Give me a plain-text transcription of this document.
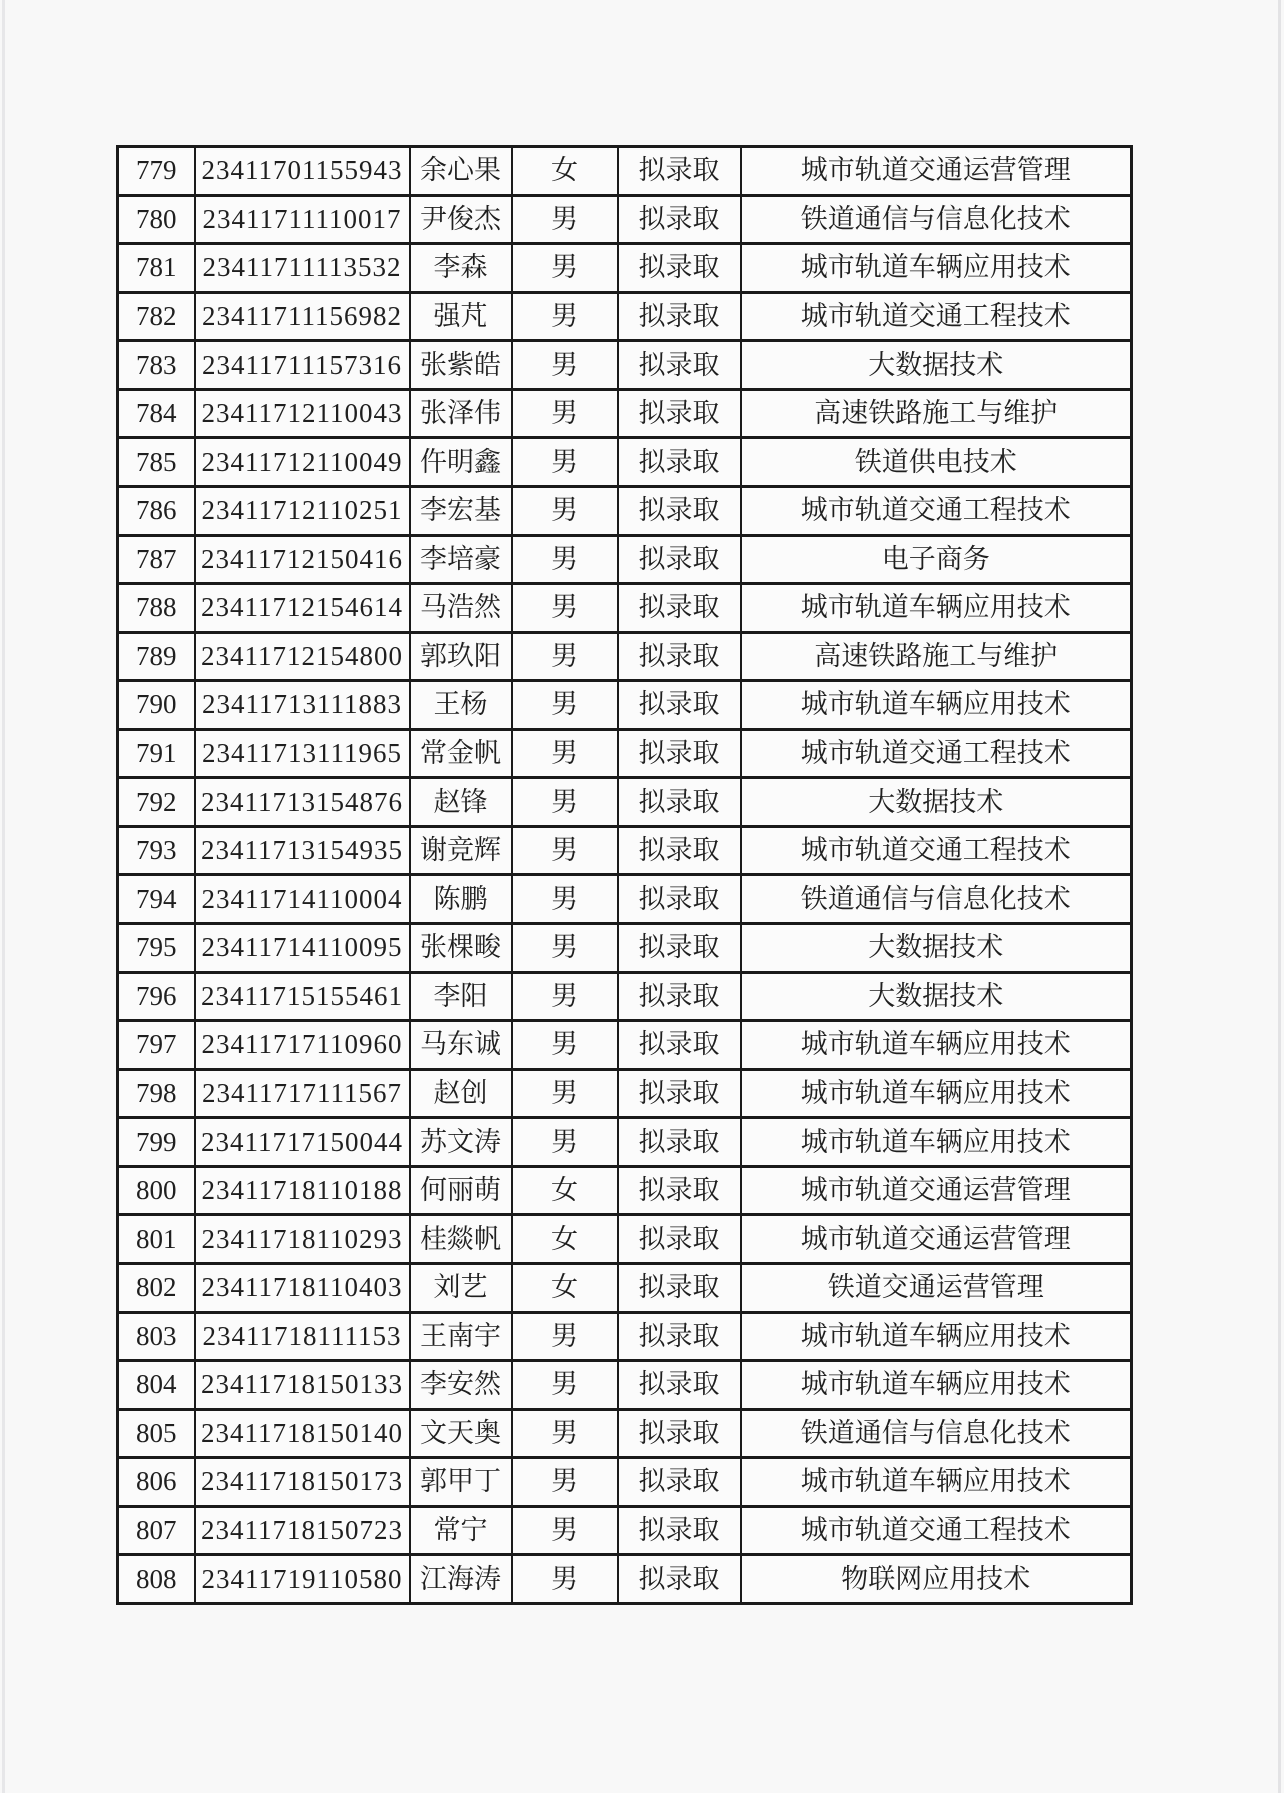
779	23411701155943	余心果	女	拟录取	城市轨道交通运营管理
780	23411711110017	尹俊杰	男	拟录取	铁道通信与信息化技术
781	23411711113532	李森	男	拟录取	城市轨道车辆应用技术
782	23411711156982	强芃	男	拟录取	城市轨道交通工程技术
783	23411711157316	张紫皓	男	拟录取	大数据技术
784	23411712110043	张泽伟	男	拟录取	高速铁路施工与维护
785	23411712110049	仵明鑫	男	拟录取	铁道供电技术
786	23411712110251	李宏基	男	拟录取	城市轨道交通工程技术
787	23411712150416	李培豪	男	拟录取	电子商务
788	23411712154614	马浩然	男	拟录取	城市轨道车辆应用技术
789	23411712154800	郭玖阳	男	拟录取	高速铁路施工与维护
790	23411713111883	王杨	男	拟录取	城市轨道车辆应用技术
791	23411713111965	常金帆	男	拟录取	城市轨道交通工程技术
792	23411713154876	赵锋	男	拟录取	大数据技术
793	23411713154935	谢竞辉	男	拟录取	城市轨道交通工程技术
794	23411714110004	陈鹏	男	拟录取	铁道通信与信息化技术
795	23411714110095	张棵畯	男	拟录取	大数据技术
796	23411715155461	李阳	男	拟录取	大数据技术
797	23411717110960	马东诚	男	拟录取	城市轨道车辆应用技术
798	23411717111567	赵创	男	拟录取	城市轨道车辆应用技术
799	23411717150044	苏文涛	男	拟录取	城市轨道车辆应用技术
800	23411718110188	何丽萌	女	拟录取	城市轨道交通运营管理
801	23411718110293	桂燚帆	女	拟录取	城市轨道交通运营管理
802	23411718110403	刘艺	女	拟录取	铁道交通运营管理
803	23411718111153	王南宇	男	拟录取	城市轨道车辆应用技术
804	23411718150133	李安然	男	拟录取	城市轨道车辆应用技术
805	23411718150140	文天奥	男	拟录取	铁道通信与信息化技术
806	23411718150173	郭甲丁	男	拟录取	城市轨道车辆应用技术
807	23411718150723	常宁	男	拟录取	城市轨道交通工程技术
808	23411719110580	江海涛	男	拟录取	物联网应用技术
